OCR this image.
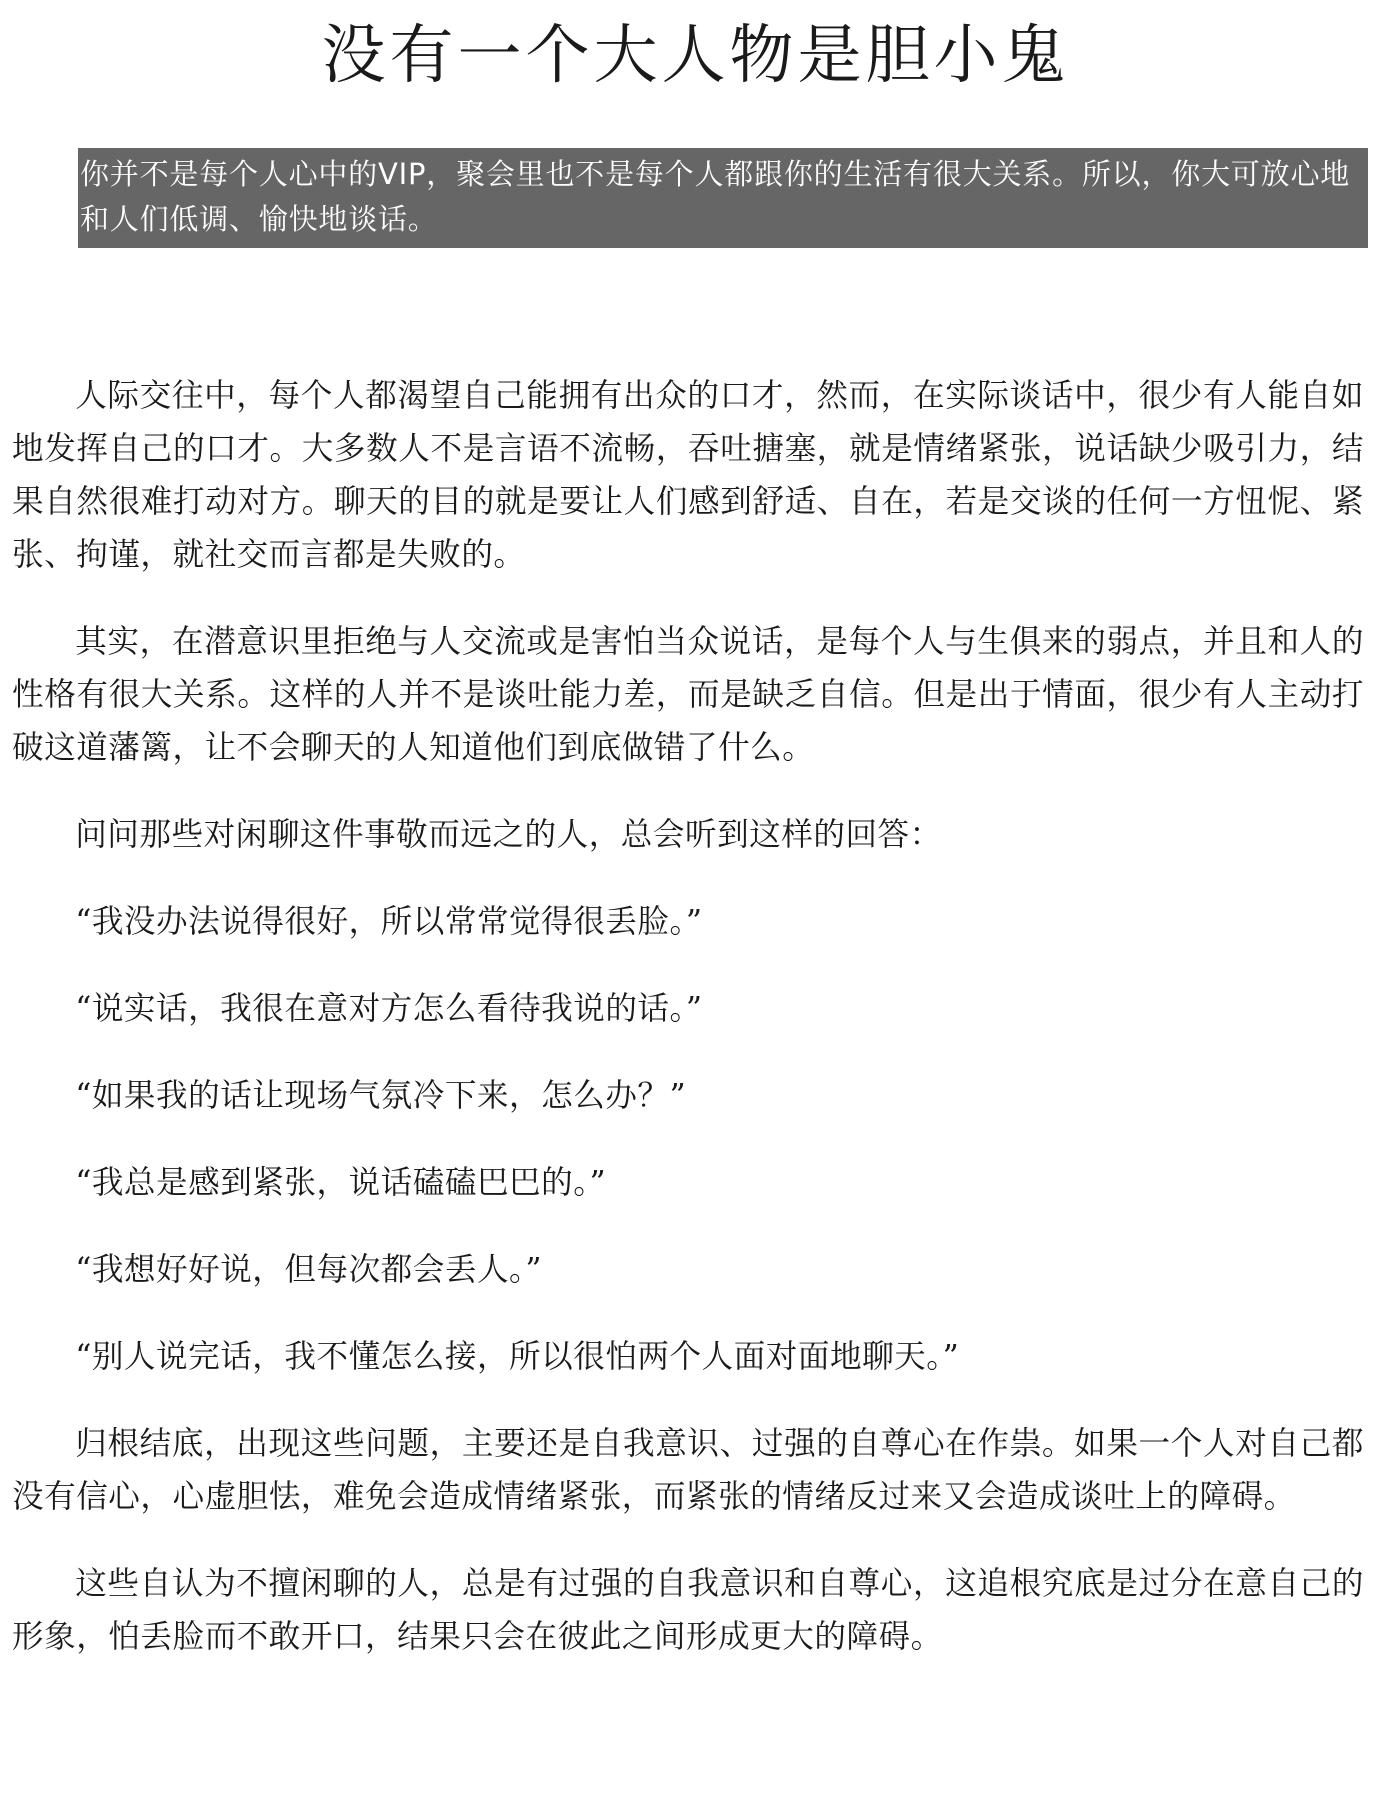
没有一个大人物是胆小鬼

你并不是每个人心中的VIP，聚会里也不是每个人都跟你的生活有很大关系。所以，你大可放心地和人们低调、愉快地谈话。

人际交往中，每个人都渴望自己能拥有出众的口才，然而，在实际谈话中，很少有人能自如地发挥自己的口才。大多数人不是言语不流畅，吞吐搪塞，就是情绪紧张，说话缺少吸引力，结果自然很难打动对方。聊天的目的就是要让人们感到舒适、自在，若是交谈的任何一方忸怩、紧张、拘谨，就社交而言都是失败的。

其实，在潜意识里拒绝与人交流或是害怕当众说话，是每个人与生俱来的弱点，并且和人的性格有很大关系。这样的人并不是谈吐能力差，而是缺乏自信。但是出于情面，很少有人主动打破这道藩篱，让不会聊天的人知道他们到底做错了什么。

问问那些对闲聊这件事敬而远之的人，总会听到这样的回答：

“我没办法说得很好，所以常常觉得很丢脸。”

“说实话，我很在意对方怎么看待我说的话。”

“如果我的话让现场气氛冷下来，怎么办？”

“我总是感到紧张，说话磕磕巴巴的。”

“我想好好说，但每次都会丢人。”

“别人说完话，我不懂怎么接，所以很怕两个人面对面地聊天。”

归根结底，出现这些问题，主要还是自我意识、过强的自尊心在作祟。如果一个人对自己都没有信心，心虚胆怯，难免会造成情绪紧张，而紧张的情绪反过来又会造成谈吐上的障碍。

这些自认为不擅闲聊的人，总是有过强的自我意识和自尊心，这追根究底是过分在意自己的形象，怕丢脸而不敢开口，结果只会在彼此之间形成更大的障碍。
